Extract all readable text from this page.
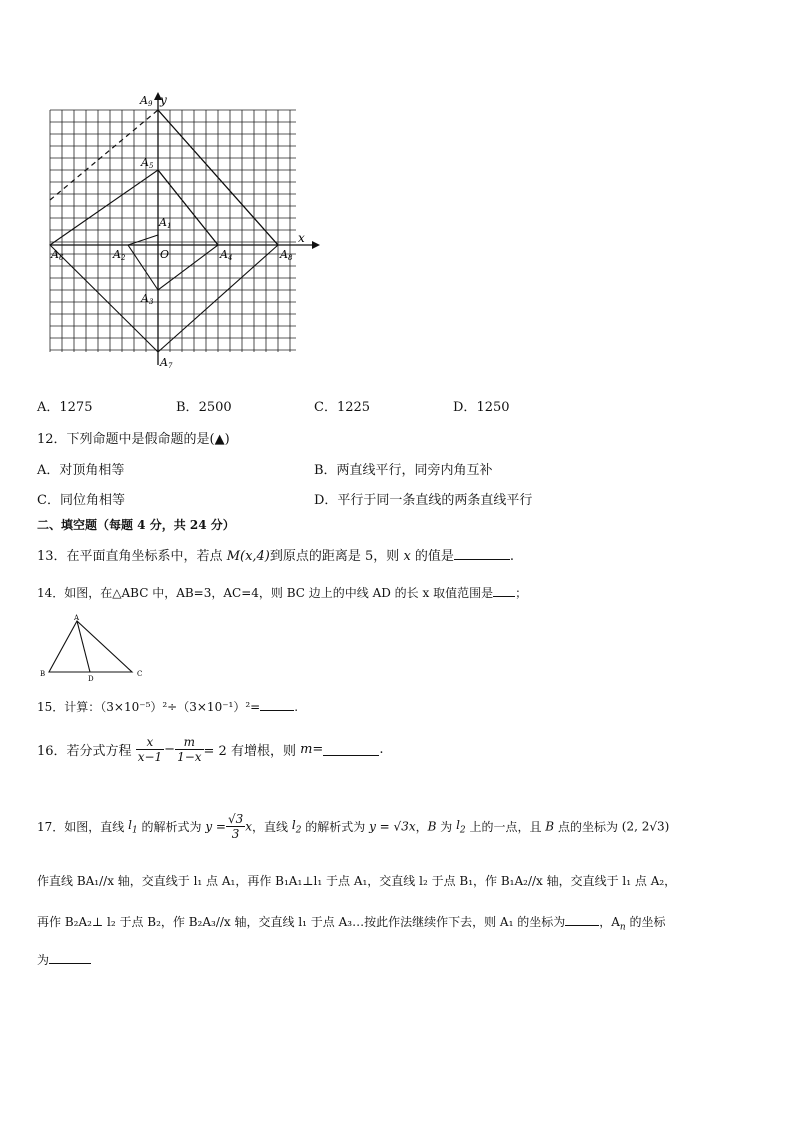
A9 y
A5
A1
x
A6	A2	O	A4	A8
A3
A7
A．1275	B．2500	C．1225	D．1250
12．下列命题中是假命题的是(▲)
A．对顶角相等	B．两直线平行，同旁内角互补
C．同位角相等	D．平行于同一条直线的两条直线平行
二、填空题（每题 4 分，共 24 分）
13．在平面直角坐标系中，若点 M(x,4)到原点的距离是 5，则 x 的值是	.
14．如图，在△ABC 中，AB=3，AC=4，则 BC 边上的中线 AD 的长 x 取值范围是 ；
A
B
D
C
15．计算：（3×10⁻⁵）²÷（3×10⁻¹）²=	.
16．若分式方程 $\frac{x}{x-1} - \frac{m}{1-x} = 2$ 有增根，则 m=	.
17．如图，直线 $l_1$ 的解析式为 $y = \frac{√3}{3}$ x，直线 $l_2$ 的解析式为 y = √3x，B 为 $l_2$ 上的一点，且 B 点的坐标为 (2, 2√3)
作直线 BA₁//x 轴，交直线于 l₁ 点 A₁，再作 B₁A₁⊥l₁ 于点 A₁，交直线 l₂ 于点 B₁，作 B₁A₂//x 轴，交直线于 l₁ 点 A₂，
再作 B₂A₂⊥ l₂ 于点 B₂，作 B₂A₃//x 轴，交直线 l₁ 于点 A₃…按此作法继续作下去，则 A₁ 的坐标为	，$A_n$ 的坐标
为
